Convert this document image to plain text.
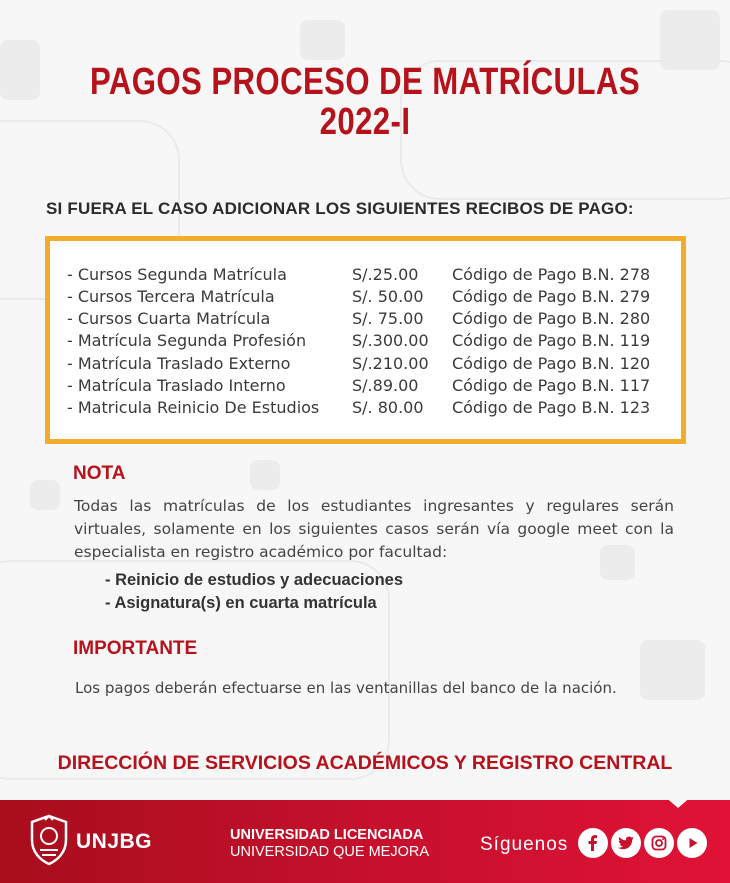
PAGOS PROCESO DE MATRÍCULAS
2022-I
SI FUERA EL CASO ADICIONAR LOS SIGUIENTES RECIBOS DE PAGO:
- Cursos Segunda Matrícula	S/.25.00 Código de Pago B.N. 278
- Cursos Tercera Matrícula	S/. 50.00 Código de Pago B.N. 279
- Cursos Cuarta Matrícula	S/. 75.00 Código de Pago B.N. 280
- Matrícula Segunda Profesión	S/.300.00 Código de Pago B.N. 119
- Matrícula Traslado Externo	S/.210.00 Código de Pago B.N. 120
- Matrícula Traslado Interno	S/.89.00 Código de Pago B.N. 117
- Matricula Reinicio De Estudios S/. 80.00 Código de Pago B.N. 123
NOTA

Todas las matrículas de los estudiantes ingresantes y regulares serán virtuales, solamente en los siguientes casos serán vía google meet con la especialista en registro académico por facultad:

- Reinicio de estudios y adecuaciones
- Asignatura(s) en cuarta matrícula
IMPORTANTE

Los pagos deberán efectuarse en las ventanillas del banco de la nación.

DIRECCIÓN DE SERVICIOS ACADÉMICOS Y REGISTRO CENTRAL
UNJBG	UNIVERSIDAD LICENCIADA
UNIVERSIDAD QUE MEJORA	Síguenos
